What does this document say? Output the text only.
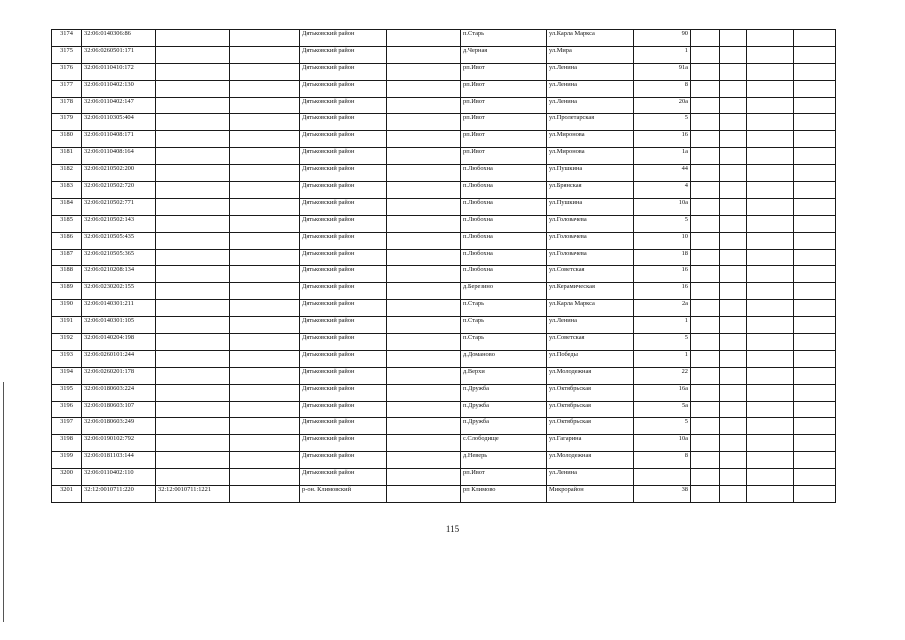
3174	32:06:0140306:86			Дятьковский район		п.Старь	ул.Карла Маркса	90				
3175	32:06:0260501:171			Дятьковский район		д.Черная	ул.Мира	1				
3176	32:06:0110410:172			Дятьковский район		рп.Ивот	ул.Ленина	91а				
3177	32:06:0110402:130			Дятьковский район		рп.Ивот	ул.Ленина	8				
3178	32:06:0110402:147			Дятьковский район		рп.Ивот	ул.Ленина	20а				
3179	32:06:0110305:404			Дятьковский район		рп.Ивот	ул.Пролетарская	5				
3180	32:06:0110408:171			Дятьковский район		рп.Ивот	ул.Миронова	16				
3181	32:06:0110408:164			Дятьковский район		рп.Ивот	ул.Миронова	1а				
3182	32:06:0210502:200			Дятьковский район		п.Любохна	ул.Пушкина	44				
3183	32:06:0210502:720			Дятьковский район		п.Любохна	ул.Брянская	4				
3184	32:06:0210502:771			Дятьковский район		п.Любохна	ул.Пушкина	10а				
3185	32:06:0210502:143			Дятьковский район		п.Любохна	ул.Головачева	5				
3186	32:06:0210505:435			Дятьковский район		п.Любохна	ул.Головачева	10				
3187	32:06:0210505:365			Дятьковский район		п.Любохна	ул.Головачева	18				
3188	32:06:0210208:134			Дятьковский район		п.Любохна	ул.Советская	16				
3189	32:06:0230202:155			Дятьковский район		д.Березино	ул.Керамическая	16				
3190	32:06:0140301:211			Дятьковский район		п.Старь	ул.Карла Маркса	2а				
3191	32:06:0140301:105			Дятьковский район		п.Старь	ул.Ленина	1				
3192	32:06:0140204:198			Дятьковский район		п.Старь	ул.Советская	5				
3193	32:06:0260101:244			Дятьковский район		д.Доманово	ул.Победы	1				
3194	32:06:0260201:178			Дятьковский район		д.Верхи	ул.Молодежная	22				
3195	32:06:0180603:224			Дятьковский район		п.Дружба	ул.Октябрьская	16а				
3196	32:06:0180603:107			Дятьковский район		п.Дружба	ул.Октябрьская	5а				
3197	32:06:0180603:249			Дятьковский район		п.Дружба	ул.Октябрьская	5				
3198	32:06:0190102:792			Дятьковский район		с.Слободище	ул.Гагарина	10а				
3199	32:06:0181103:144			Дятьковский район		д.Неверь	ул.Молодежная	8				
3200	32:06:0110402:110			Дятьковский район		рп.Ивот	ул.Ленина					
3201	32:12:0010711:220	32:12:0010711:1221		р-он. Климовский		рп Климово	Микрорайон	38				
115
